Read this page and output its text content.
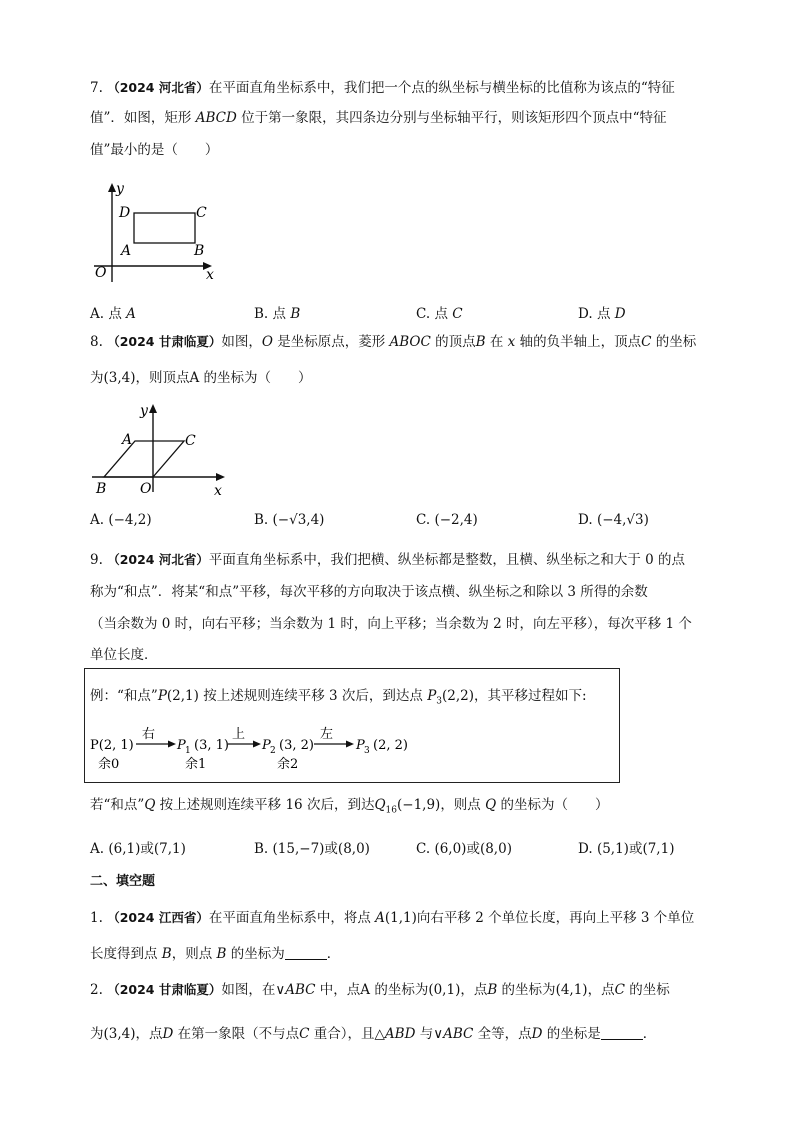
7. （2024 河北省）在平面直角坐标系中，我们把一个点的纵坐标与横坐标的比值称为该点的“特征
值”．如图，矩形 ABCD 位于第一象限，其四条边分别与坐标轴平行，则该矩形四个顶点中“特征
值”最小的是（　　）
y
D	C
A	B
O	x
A. 点 A	B. 点 B	C. 点 C	D. 点 D
8. （2024 甘肃临夏）如图，O 是坐标原点，菱形 ABOC 的顶点B 在 x 轴的负半轴上，顶点C 的坐标
为(3,4)，则顶点A 的坐标为（　　）
y
A	C
B O	x
A. (−4,2)	B. (−√3,4)	C. (−2,4)	D. (−4,√3)
9. （2024 河北省）平面直角坐标系中，我们把横、纵坐标都是整数，且横、纵坐标之和大于 0 的点
称为“和点”．将某“和点”平移，每次平移的方向取决于该点横、纵坐标之和除以 3 所得的余数
（当余数为 0 时，向右平移；当余数为 1 时，向上平移；当余数为 2 时，向左平移），每次平移 1 个
单位长度．
例：“和点”P(2,1) 按上述规则连续平移 3 次后，到达点 $P_3(2,2)$，其平移过程如下:
P(2, 1)
右
余0
P 1 (3, 1)
上
余1
P 2 (3, 2)
左
余2
P 3 (2, 2)
若“和点”Q 按上述规则连续平移 16 次后，到达$Q_{16}(-1,9)$，则点 Q 的坐标为（　　）
A. (6,1)或(7,1)	B. (15,−7)或(8,0)	C. (6,0)或(8,0)	D. (5,1)或(7,1)
二、填空题
1. （2024 江西省）在平面直角坐标系中，将点 A(1,1)向右平移 2 个单位长度，再向上平移 3 个单位
长度得到点 B，则点 B 的坐标为	．
2. （2024 甘肃临夏）如图，在∨ABC 中，点A 的坐标为(0,1)，点B 的坐标为(4,1)，点C 的坐标
为(3,4)，点D 在第一象限（不与点C 重合），且△ABD 与∨ABC 全等，点D 的坐标是	．
